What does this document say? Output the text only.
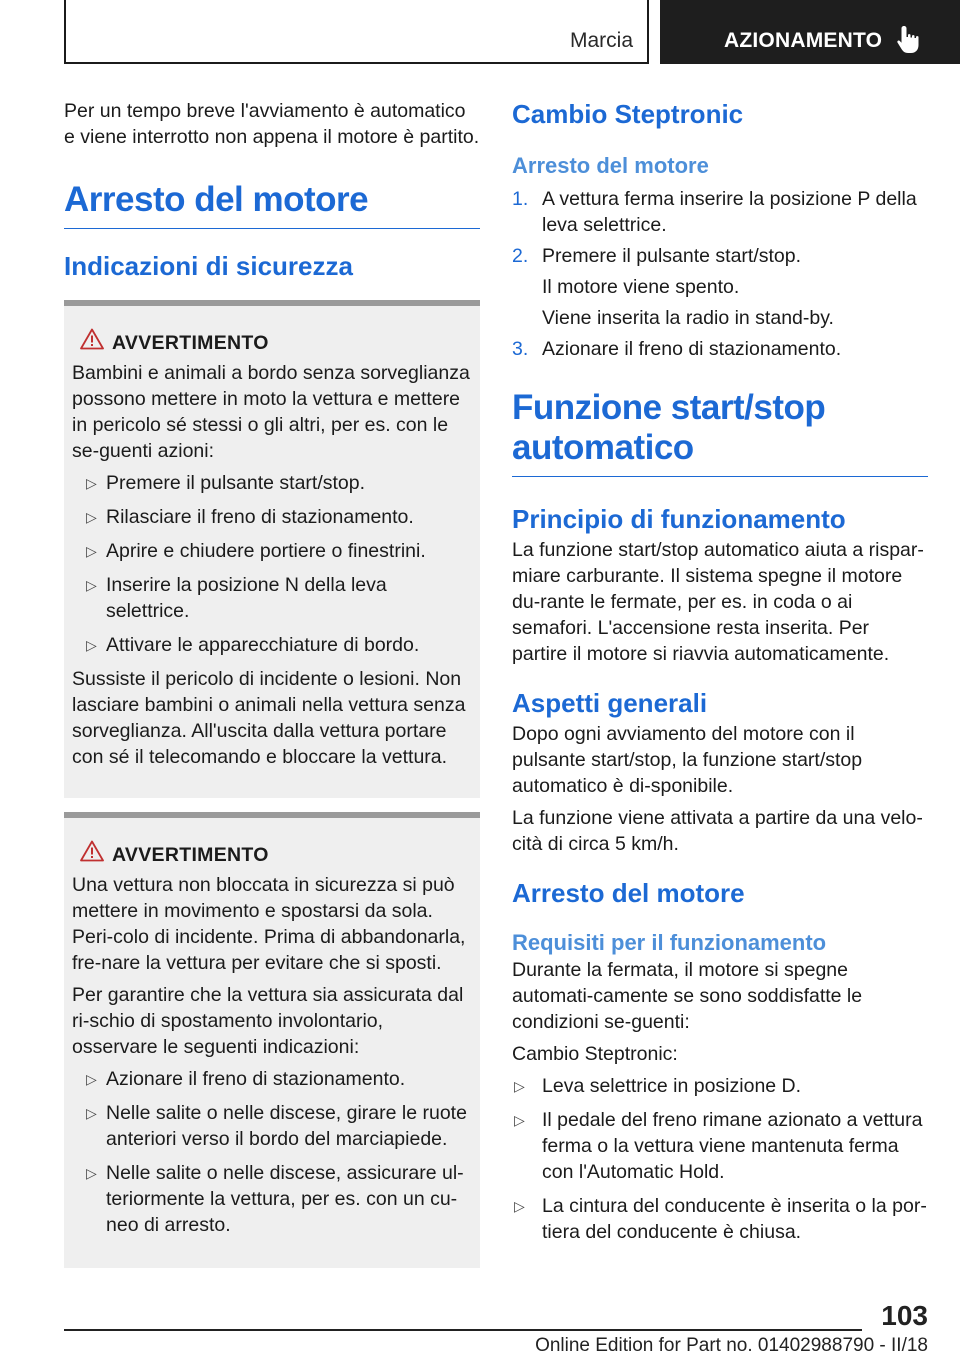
Marcia	AZIONAMENTO

Per un tempo breve l'avviamento è automatico e viene interrotto non appena il motore è partito.

Arresto del motore
Indicazioni di sicurezza
AVVERTIMENTO

Bambini e animali a bordo senza sorveglianza possono mettere in moto la vettura e mettere in pericolo sé stessi o gli altri, per es. con le se-guenti azioni:

▷ Premere il pulsante start/stop.
▷ Rilasciare il freno di stazionamento.
▷ Aprire e chiudere portiere o finestrini.
▷ Inserire la posizione N della leva selettrice.
▷ Attivare le apparecchiature di bordo.

Sussiste il pericolo di incidente o lesioni. Non lasciare bambini o animali nella vettura senza sorveglianza. All'uscita dalla vettura portare con sé il telecomando e bloccare la vettura.

AVVERTIMENTO

Una vettura non bloccata in sicurezza si può mettere in movimento e spostarsi da sola. Peri-colo di incidente. Prima di abbandonarla, fre-nare la vettura per evitare che si sposti.

Per garantire che la vettura sia assicurata dal ri-schio di spostamento involontario, osservare le seguenti indicazioni:

▷ Azionare il freno di stazionamento.
▷ Nelle salite o nelle discese, girare le ruote anteriori verso il bordo del marciapiede.
▷ Nelle salite o nelle discese, assicurare ul-teriormente la vettura, per es. con un cu-neo di arresto.
Cambio Steptronic
Arresto del motore
1. A vettura ferma inserire la posizione P della leva selettrice.
2. Premere il pulsante start/stop.
Il motore viene spento.
Viene inserita la radio in stand-by.
3. Azionare il freno di stazionamento.
Funzione start/stop automatico
Principio di funzionamento

La funzione start/stop automatico aiuta a rispar-miare carburante. Il sistema spegne il motore du-rante le fermate, per es. in coda o ai semafori. L'accensione resta inserita. Per partire il motore si riavvia automaticamente.

Aspetti generali

Dopo ogni avviamento del motore con il pulsante start/stop, la funzione start/stop automatico è di-sponibile.

La funzione viene attivata a partire da una velo-cità di circa 5 km/h.

Arresto del motore
Requisiti per il funzionamento

Durante la fermata, il motore si spegne automati-camente se sono soddisfatte le condizioni se-guenti:

Cambio Steptronic:

▷ Leva selettrice in posizione D.
▷ Il pedale del freno rimane azionato a vettura ferma o la vettura viene mantenuta ferma con l'Automatic Hold.
▷ La cintura del conducente è inserita o la por-tiera del conducente è chiusa.
103
Online Edition for Part no. 01402988790 - II/18
